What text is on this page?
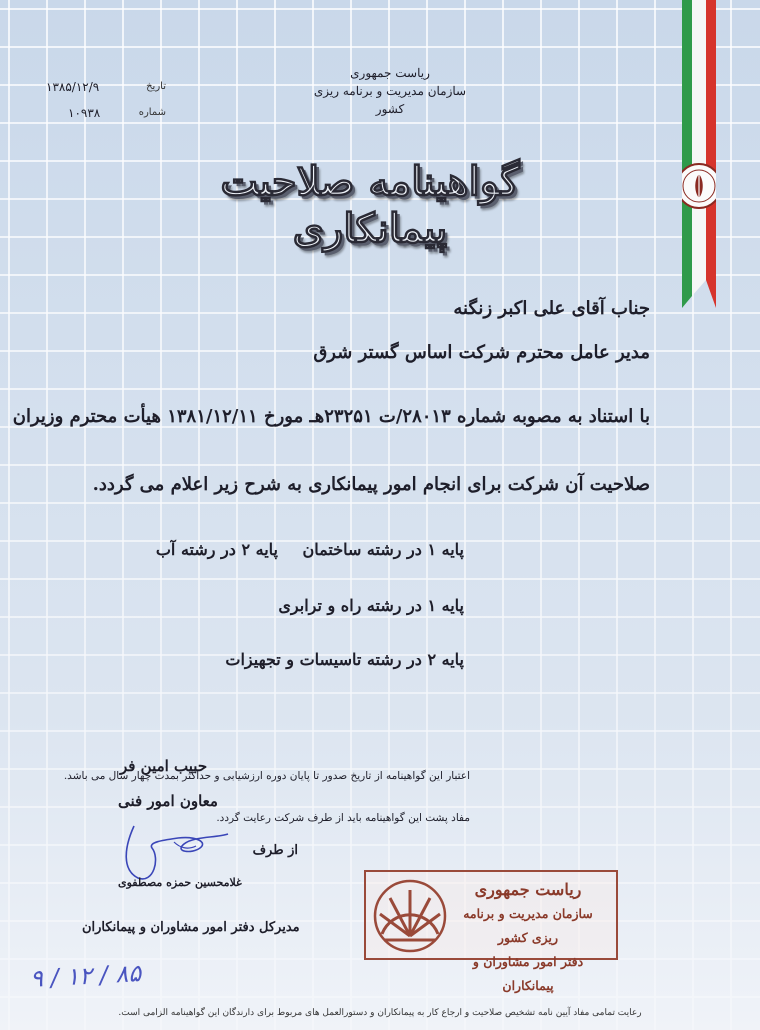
ریاست جمهوری
سازمان مدیریت و برنامه ریزی کشور
۱۳۸۵/۱۲/۹	تاریخ
۱۰۹۳۸	شماره
گواهینامه صلاحیت پیمانکاری
جناب آقای علی اکبر زنگنه
مدیر عامل محترم شرکت اساس گستر شرق
با استناد به مصوبه شماره ۲۸۰۱۳/ت ۲۳۲۵۱هـ مورخ ۱۳۸۱/۱۲/۱۱ هیأت محترم وزیران
صلاحیت آن شرکت برای انجام امور پیمانکاری به شرح زیر اعلام می گردد.
پایه ۱ در رشته ساختمان
پایه ۲ در رشته آب
پایه ۱ در رشته راه و ترابری
پایه ۲ در رشته تاسیسات و تجهیزات
اعتبار این گواهینامه از تاریخ صدور تا پایان دوره ارزشیابی و حداکثر بمدت چهار سال می باشد.
مفاد پشت این گواهینامه باید از طرف شرکت رعایت گردد.
از طرف
حبیب امین فر
معاون امور فنی
غلامحسین حمزه مصطفوی
مدیرکل دفتر امور مشاوران و پیمانکاران
ریاست جمهوری
سازمان مدیریت و برنامه ریزی کشور
دفتر امور مشاوران و پیمانکاران
۸۵ / ۱۲ / ۹
رعایت تمامی مفاد آیین نامه تشخیص صلاحیت و ارجاع کار به پیمانکاران و دستورالعمل های مربوط برای دارندگان این گواهینامه الزامی است.
